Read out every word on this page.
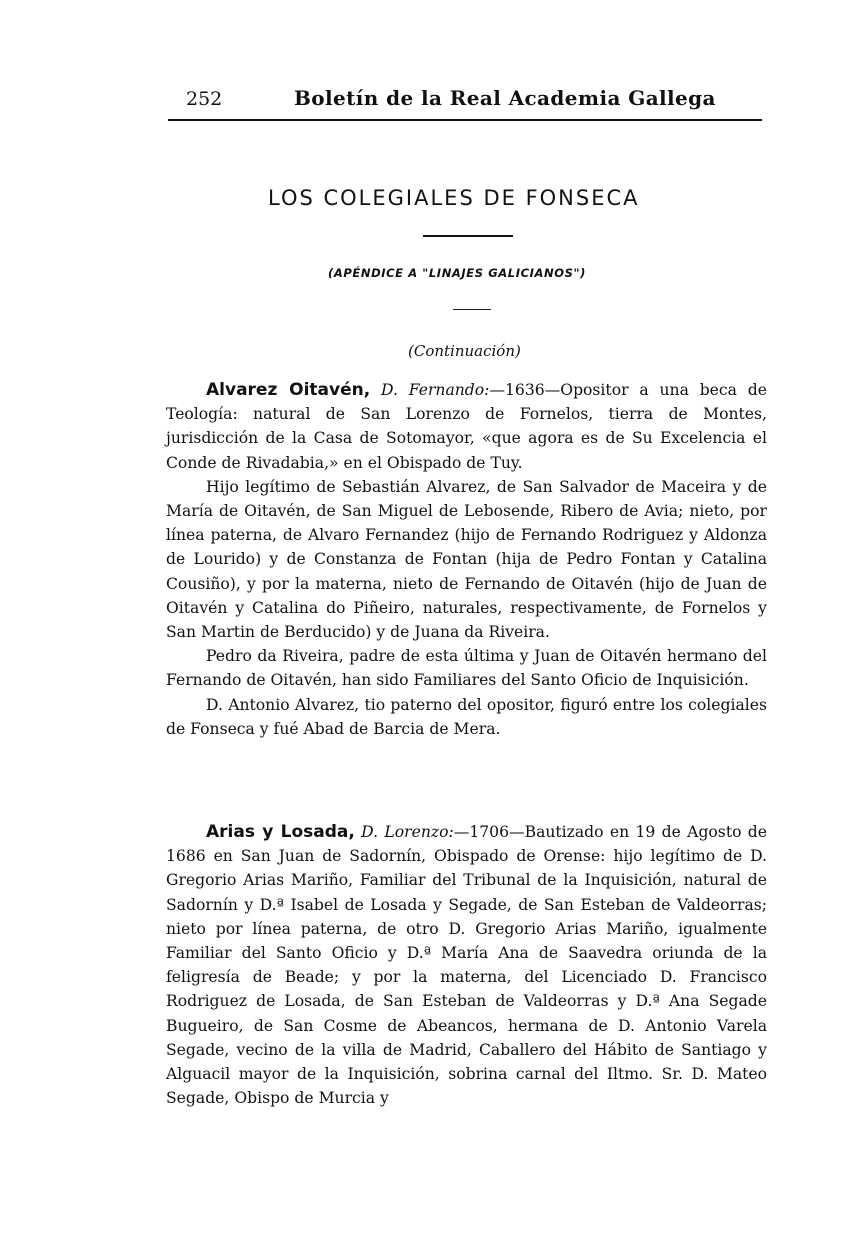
252	Boletín de la Real Academia Gallega
LOS COLEGIALES DE FONSECA
(APÉNDICE A "LINAJES GALICIANOS")
(Continuación)

Alvarez Oitavén, D. Fernando:—1636—Opositor a una beca de Teología: natural de San Lorenzo de Fornelos, tierra de Montes, jurisdicción de la Casa de Sotomayor, «que agora es de Su Excelencia el Conde de Rivadabia,» en el Obispado de Tuy.

Hijo legítimo de Sebastián Alvarez, de San Salvador de Maceira y de María de Oitavén, de San Miguel de Lebosende, Ribero de Avia; nieto, por línea paterna, de Alvaro Fernandez (hijo de Fernando Rodriguez y Aldonza de Lourido) y de Constanza de Fontan (hija de Pedro Fontan y Catalina Cousiño), y por la materna, nieto de Fernando de Oitavén (hijo de Juan de Oitavén y Catalina do Piñeiro, naturales, respectivamente, de Fornelos y San Martin de Berducido) y de Juana da Riveira.

Pedro da Riveira, padre de esta última y Juan de Oitavén hermano del Fernando de Oitavén, han sido Familiares del Santo Oficio de Inquisición.

D. Antonio Alvarez, tio paterno del opositor, figuró entre los colegiales de Fonseca y fué Abad de Barcia de Mera.

Arias y Losada, D. Lorenzo:—1706—Bautizado en 19 de Agosto de 1686 en San Juan de Sadornín, Obispado de Orense: hijo legítimo de D. Gregorio Arias Mariño, Familiar del Tribunal de la Inquisición, natural de Sadornín y D.ª Isabel de Losada y Segade, de San Esteban de Valdeorras; nieto por línea paterna, de otro D. Gregorio Arias Mariño, igualmente Familiar del Santo Oficio y D.ª María Ana de Saavedra oriunda de la feligresía de Beade; y por la materna, del Licenciado D. Francisco Rodriguez de Losada, de San Esteban de Valdeorras y D.ª Ana Segade Bugueiro, de San Cosme de Abeancos, hermana de D. Antonio Varela Segade, vecino de la villa de Madrid, Caballero del Hábito de Santiago y Alguacil mayor de la Inquisición, sobrina carnal del Iltmo. Sr. D. Mateo Segade, Obispo de Murcia y
